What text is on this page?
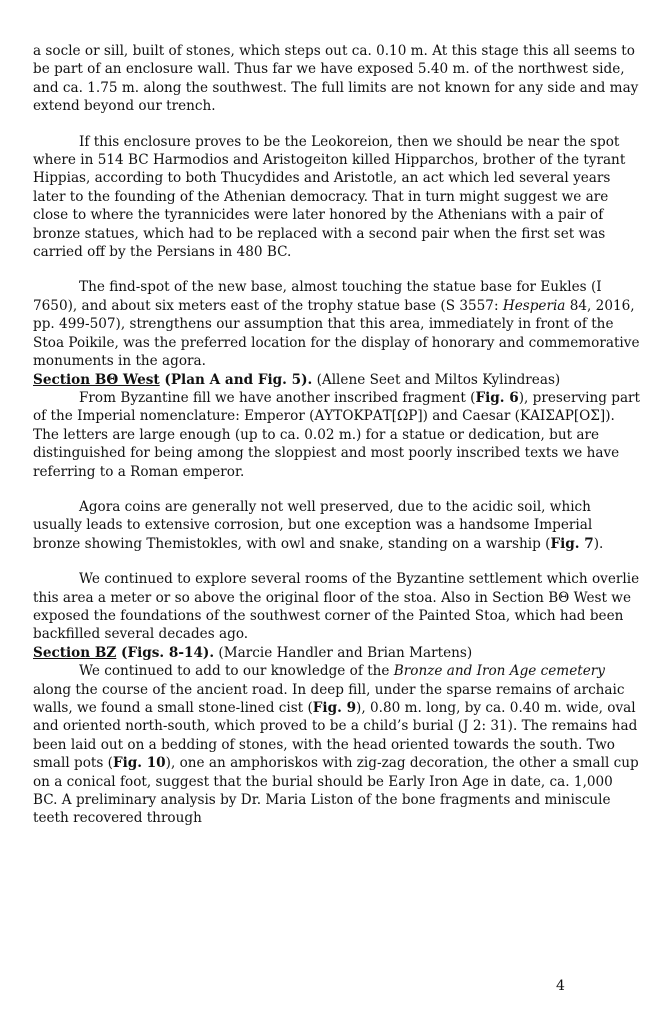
a socle or sill, built of stones, which steps out ca. 0.10 m. At this stage this all seems to be part of an enclosure wall. Thus far we have exposed 5.40 m. of the northwest side, and ca. 1.75 m. along the southwest. The full limits are not known for any side and may extend beyond our trench.

If this enclosure proves to be the Leokoreion, then we should be near the spot where in 514 BC Harmodios and Aristogeiton killed Hipparchos, brother of the tyrant Hippias, according to both Thucydides and Aristotle, an act which led several years later to the founding of the Athenian democracy. That in turn might suggest we are close to where the tyrannicides were later honored by the Athenians with a pair of bronze statues, which had to be replaced with a second pair when the first set was carried off by the Persians in 480 BC.

The find-spot of the new base, almost touching the statue base for Eukles (I 7650), and about six meters east of the trophy statue base (S 3557: Hesperia 84, 2016, pp. 499-507), strengthens our assumption that this area, immediately in front of the Stoa Poikile, was the preferred location for the display of honorary and commemorative monuments in the agora.

Section BΘ West (Plan A and Fig. 5). (Allene Seet and Miltos Kylindreas)

From Byzantine fill we have another inscribed fragment (Fig. 6), preserving part of the Imperial nomenclature: Emperor (ΑΥΤΟΚΡΑΤ[ΩΡ]) and Caesar (ΚΑΙΣΑΡ[ΟΣ]). The letters are large enough (up to ca. 0.02 m.) for a statue or dedication, but are distinguished for being among the sloppiest and most poorly inscribed texts we have referring to a Roman emperor.

Agora coins are generally not well preserved, due to the acidic soil, which usually leads to extensive corrosion, but one exception was a handsome Imperial bronze showing Themistokles, with owl and snake, standing on a warship (Fig. 7).

We continued to explore several rooms of the Byzantine settlement which overlie this area a meter or so above the original floor of the stoa. Also in Section BΘ West we exposed the foundations of the southwest corner of the Painted Stoa, which had been backfilled several decades ago.

Section BZ (Figs. 8-14). (Marcie Handler and Brian Martens)

We continued to add to our knowledge of the Bronze and Iron Age cemetery along the course of the ancient road. In deep fill, under the sparse remains of archaic walls, we found a small stone-lined cist (Fig. 9), 0.80 m. long, by ca. 0.40 m. wide, oval and oriented north-south, which proved to be a child’s burial (J 2: 31). The remains had been laid out on a bedding of stones, with the head oriented towards the south. Two small pots (Fig. 10), one an amphoriskos with zig-zag decoration, the other a small cup on a conical foot, suggest that the burial should be Early Iron Age in date, ca. 1,000 BC. A preliminary analysis by Dr. Maria Liston of the bone fragments and miniscule teeth recovered through

4
